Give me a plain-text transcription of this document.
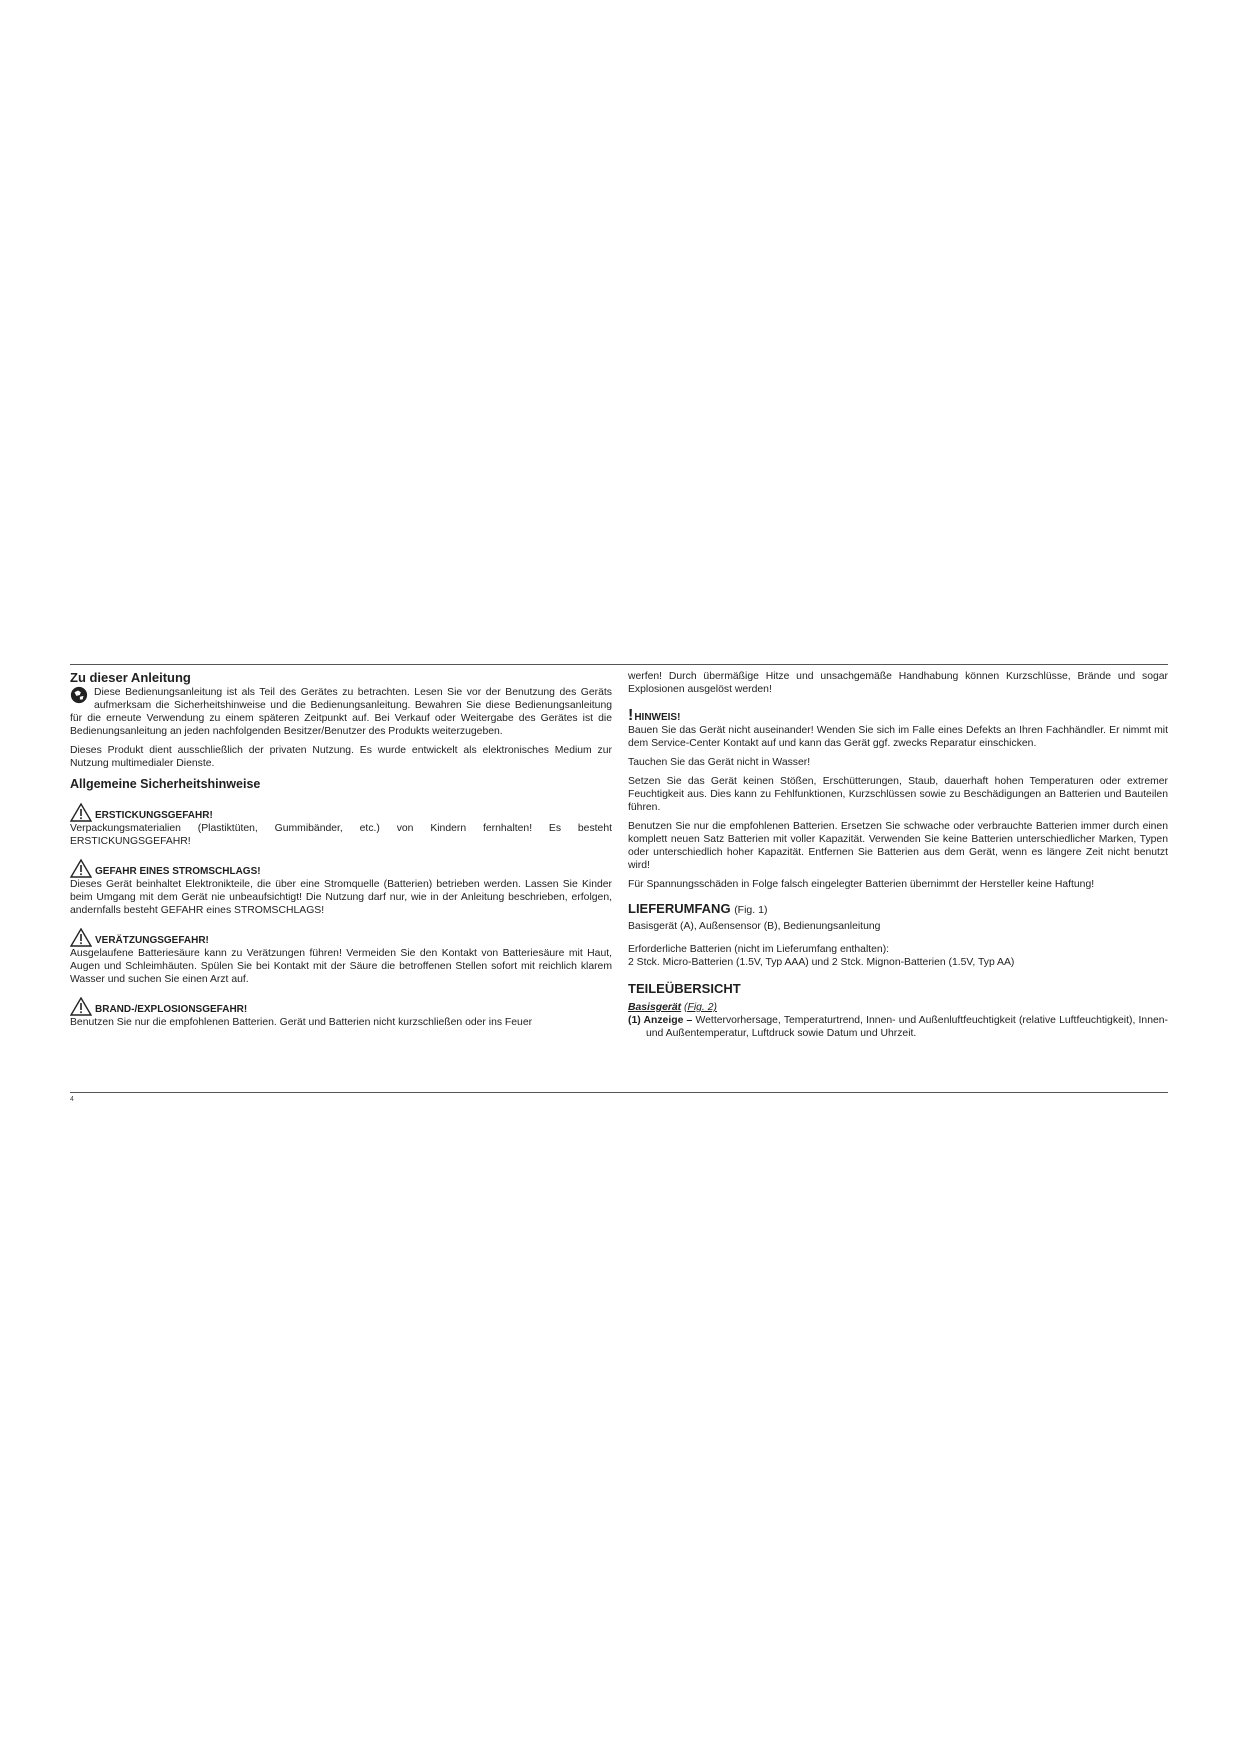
Zu dieser Anleitung

Diese Bedienungsanleitung ist als Teil des Gerätes zu betrachten. Lesen Sie vor der Benutzung des Geräts aufmerksam die Sicherheitshinweise und die Bedienungsanleitung. Bewahren Sie diese Bedienungsanleitung für die erneute Verwendung zu einem späteren Zeitpunkt auf. Bei Verkauf oder Weitergabe des Gerätes ist die Bedienungsanleitung an jeden nachfolgenden Besitzer/Benutzer des Produkts weiterzugeben.

Dieses Produkt dient ausschließlich der privaten Nutzung. Es wurde entwickelt als elektronisches Medium zur Nutzung multimedialer Dienste.

Allgemeine Sicherheitshinweise
ERSTICKUNGSGEFAHR!

Verpackungsmaterialien (Plastiktüten, Gummibänder, etc.) von Kindern fernhalten! Es besteht ERSTICKUNGSGEFAHR!

GEFAHR EINES STROMSCHLAGS!

Dieses Gerät beinhaltet Elektronikteile, die über eine Stromquelle (Batterien) betrieben werden. Lassen Sie Kinder beim Umgang mit dem Gerät nie unbeaufsichtigt! Die Nutzung darf nur, wie in der Anleitung beschrieben, erfolgen, andernfalls besteht GEFAHR eines STROMSCHLAGS!

VERÄTZUNGSGEFAHR!

Ausgelaufene Batteriesäure kann zu Verätzungen führen! Vermeiden Sie den Kontakt von Batteriesäure mit Haut, Augen und Schleimhäuten. Spülen Sie bei Kontakt mit der Säure die betroffenen Stellen sofort mit reichlich klarem Wasser und suchen Sie einen Arzt auf.

BRAND-/EXPLOSIONSGEFAHR!

Benutzen Sie nur die empfohlenen Batterien. Gerät und Batterien nicht kurzschließen oder ins Feuer

werfen! Durch übermäßige Hitze und unsachgemäße Handhabung können Kurzschlüsse, Brände und sogar Explosionen ausgelöst werden!

! HINWEIS!

Bauen Sie das Gerät nicht auseinander! Wenden Sie sich im Falle eines Defekts an Ihren Fachhändler. Er nimmt mit dem Service-Center Kontakt auf und kann das Gerät ggf. zwecks Reparatur einschicken.

Tauchen Sie das Gerät nicht in Wasser!

Setzen Sie das Gerät keinen Stößen, Erschütterungen, Staub, dauerhaft hohen Temperaturen oder extremer Feuchtigkeit aus. Dies kann zu Fehlfunktionen, Kurzschlüssen sowie zu Beschädigungen an Batterien und Bauteilen führen.

Benutzen Sie nur die empfohlenen Batterien. Ersetzen Sie schwache oder verbrauchte Batterien immer durch einen komplett neuen Satz Batterien mit voller Kapazität. Verwenden Sie keine Batterien unterschiedlicher Marken, Typen oder unterschiedlich hoher Kapazität. Entfernen Sie Batterien aus dem Gerät, wenn es längere Zeit nicht benutzt wird!

Für Spannungsschäden in Folge falsch eingelegter Batterien übernimmt der Hersteller keine Haftung!

LIEFERUMFANG (Fig. 1)

Basisgerät (A), Außensensor (B), Bedienungsanleitung

Erforderliche Batterien (nicht im Lieferumfang enthalten):

2 Stck. Micro-Batterien (1.5V, Typ AAA) und 2 Stck. Mignon-Batterien (1.5V, Typ AA)

TEILEÜBERSICHT
Basisgerät (Fig. 2)

(1) Anzeige – Wettervorhersage, Temperaturtrend, Innen- und Außenluftfeuchtigkeit (relative Luftfeuchtigkeit), Innen- und Außentemperatur, Luftdruck sowie Datum und Uhrzeit.

4
